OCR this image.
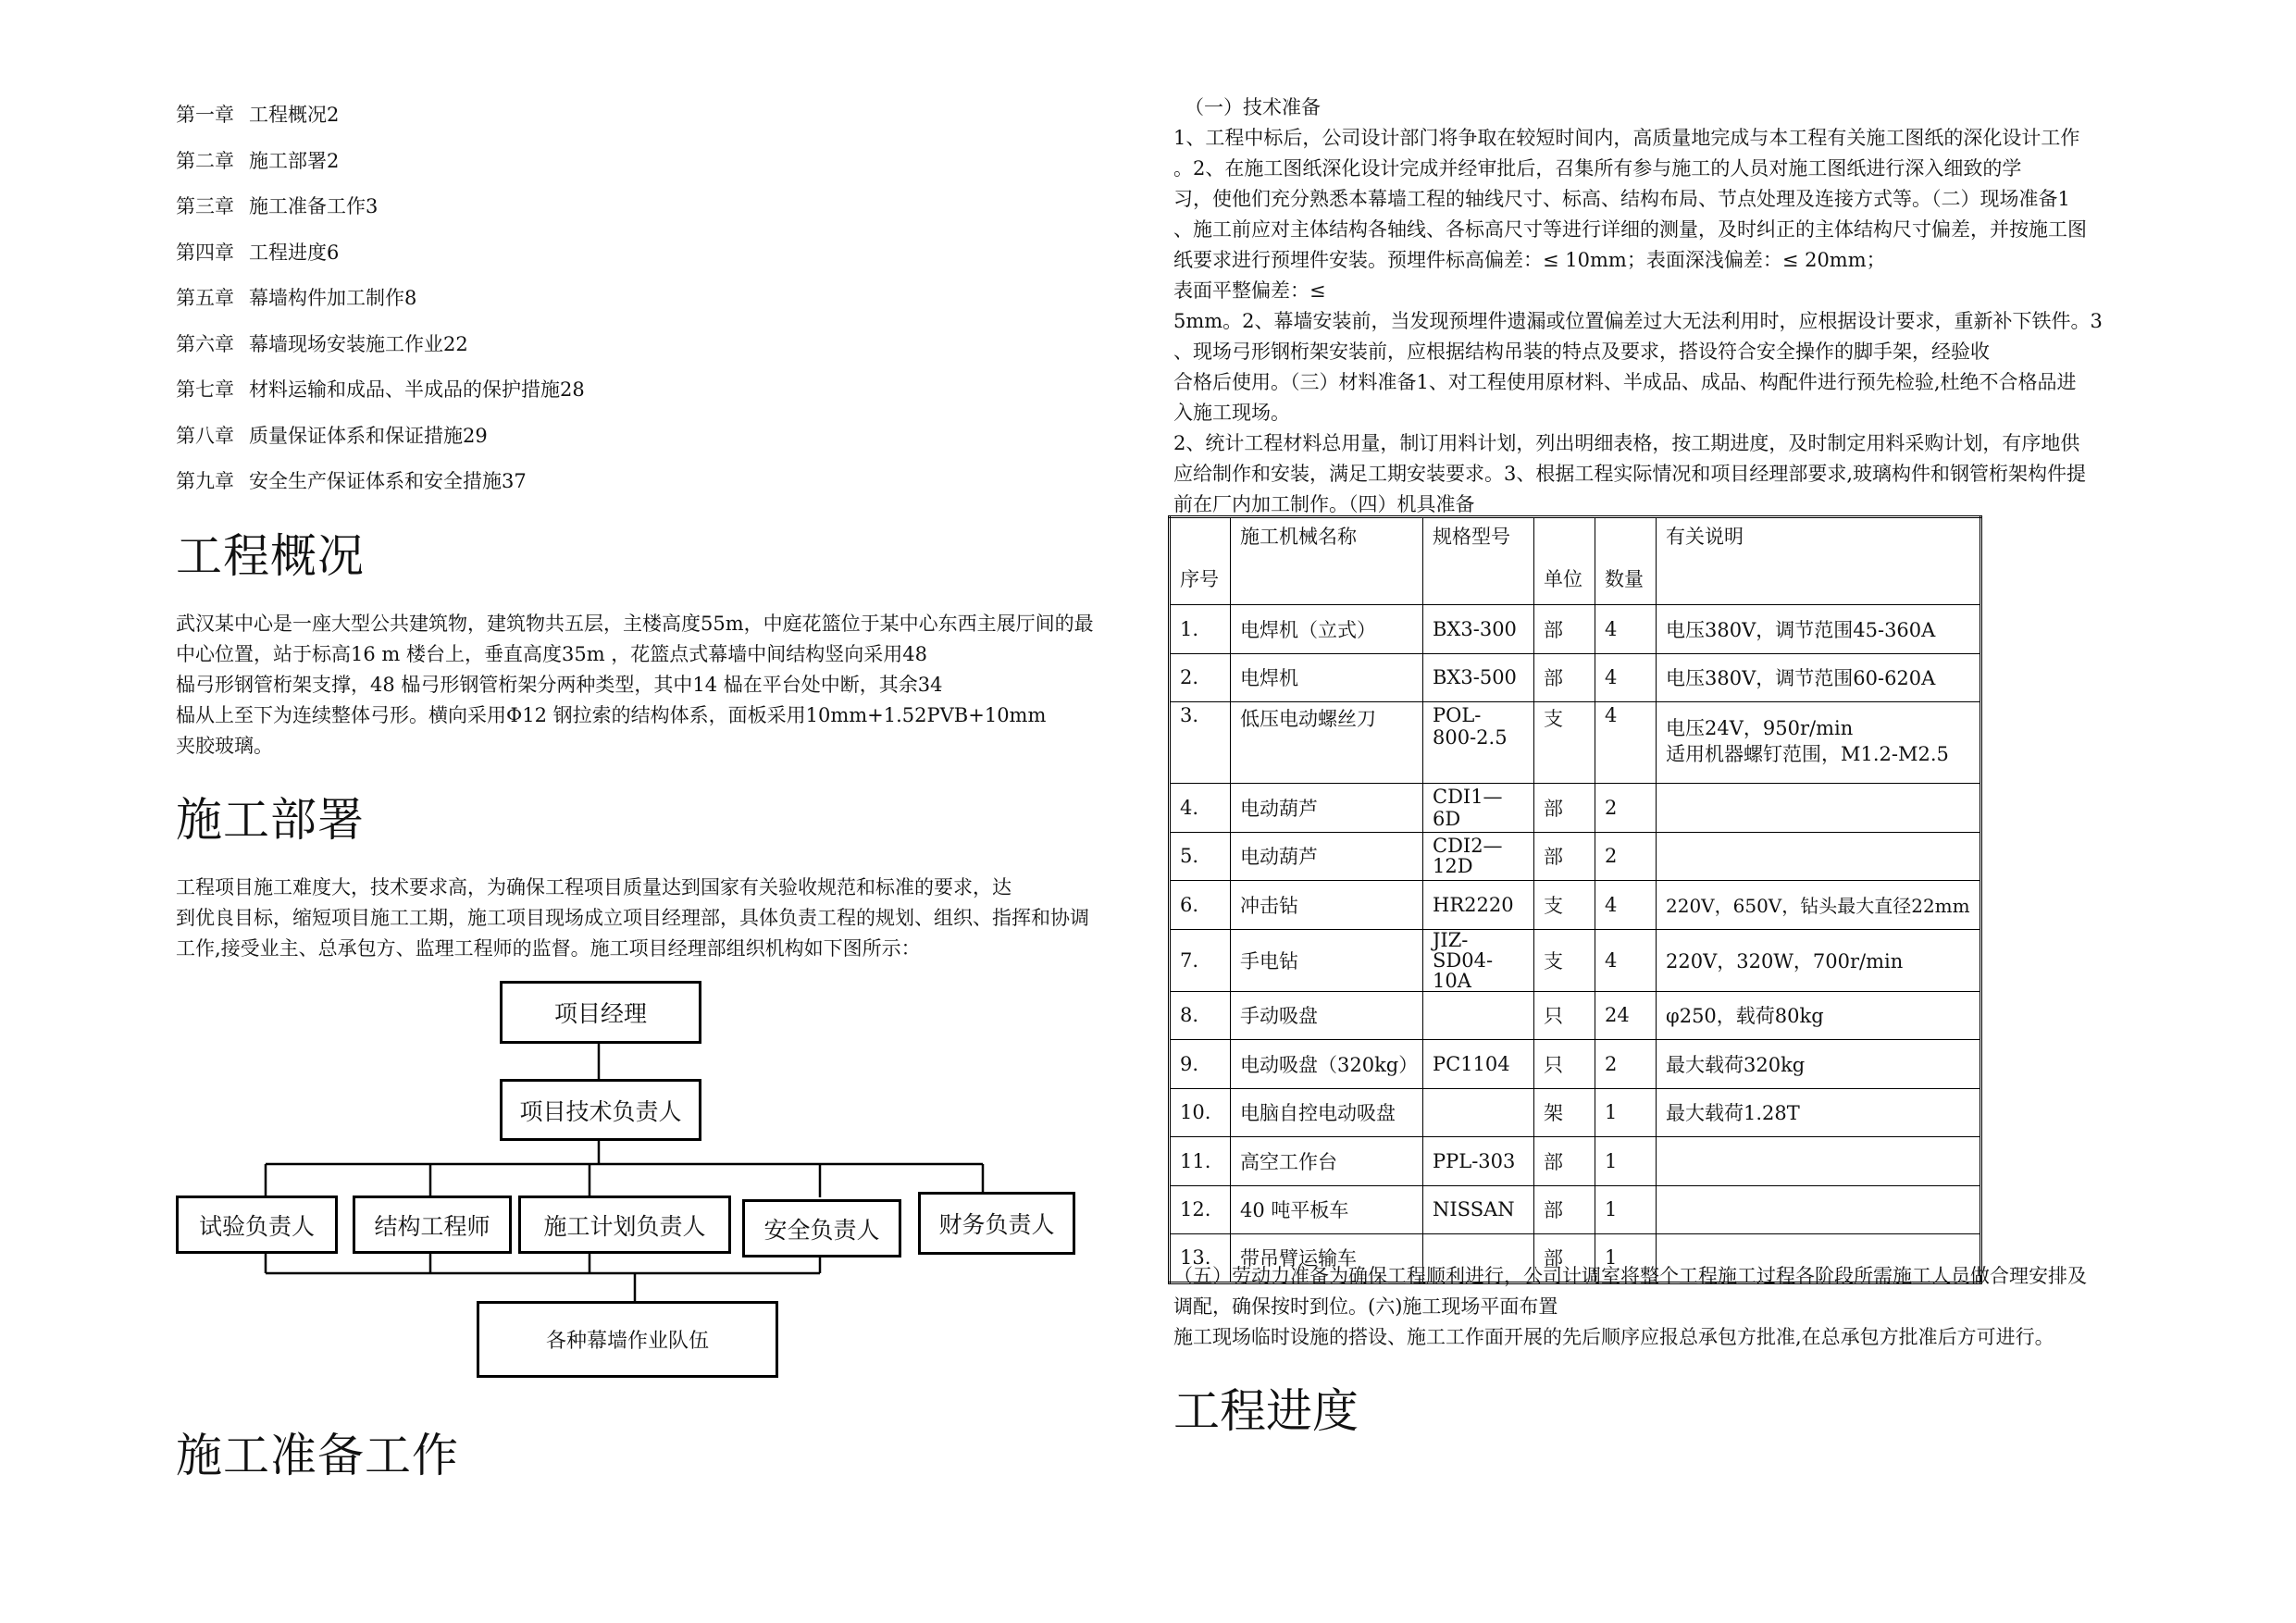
第一章 工程概况2
第二章 施工部署2
第三章 施工准备工作3
第四章 工程进度6
第五章 幕墙构件加工制作8
第六章 幕墙现场安装施工作业22
第七章 材料运输和成品、半成品的保护措施28
第八章 质量保证体系和保证措施29
第九章 安全生产保证体系和安全措施37
工程概况
武汉某中心是一座大型公共建筑物，建筑物共五层，主楼高度55m，中庭花篮位于某中心东西主展厅间的最
中心位置，站于标高16 m 楼台上，垂直高度35m ，花篮点式幕墙中间结构竖向采用48
榀弓形钢管桁架支撑，48 榀弓形钢管桁架分两种类型，其中14 榀在平台处中断，其余34
榀从上至下为连续整体弓形。横向采用Φ12 钢拉索的结构体系，面板采用10mm+1.52PVB+10mm
夹胶玻璃。
施工部署
工程项目施工难度大，技术要求高，为确保工程项目质量达到国家有关验收规范和标准的要求，达
到优良目标，缩短项目施工工期，施工项目现场成立项目经理部，具体负责工程的规划、组织、指挥和协调
工作,接受业主、总承包方、监理工程师的监督。施工项目经理部组织机构如下图所示：
项目经理
项目技术负责人
试验负责人	结构工程师	施工计划负责人	安全负责人	财务负责人
各种幕墙作业队伍
施工准备工作
（一）技术准备
1、工程中标后，公司设计部门将争取在较短时间内，高质量地完成与本工程有关施工图纸的深化设计工作
。2、在施工图纸深化设计完成并经审批后，召集所有参与施工的人员对施工图纸进行深入细致的学
习，使他们充分熟悉本幕墙工程的轴线尺寸、标高、结构布局、节点处理及连接方式等。（二）现场准备1
、施工前应对主体结构各轴线、各标高尺寸等进行详细的测量，及时纠正的主体结构尺寸偏差，并按施工图
纸要求进行预埋件安装。预埋件标高偏差：≤ 10mm；表面深浅偏差：≤ 20mm；
表面平整偏差：≤
5mm。2、幕墙安装前，当发现预埋件遗漏或位置偏差过大无法利用时，应根据设计要求，重新补下铁件。3
、现场弓形钢桁架安装前，应根据结构吊装的特点及要求，搭设符合安全操作的脚手架，经验收
合格后使用。（三）材料准备1、对工程使用原材料、半成品、成品、构配件进行预先检验,杜绝不合格品进
入施工现场。
2、统计工程材料总用量，制订用料计划，列出明细表格，按工期进度，及时制定用料采购计划，有序地供
应给制作和安装，满足工期安装要求。3、根据工程实际情况和项目经理部要求,玻璃构件和钢管桁架构件提
前在厂内加工制作。（四）机具准备
序号	施工机械名称	规格型号	单位	数量	有关说明
1.	电焊机（立式）	BX3-300	部	4	电压380V，调节范围45-360A
2.	电焊机	BX3-500	部	4	电压380V，调节范围60-620A
3.	低压电动螺丝刀	POL-800-2.5	支	4	电压24V，950r/min
适用机器螺钉范围，M1.2-M2.5

4.	电动葫芦	CDI1—6D	部	2	
5.	电动葫芦	CDI2—12D	部	2	
6.	冲击钻	HR2220	支	4	220V，650V，钻头最大直径22mm
7.	手电钻	JIZ-SD04-10A	支	4	220V，320W，700r/min
8.	手动吸盘		只	24	φ250，载荷80kg
9.	电动吸盘（320kg）	PC1104	只	2	最大载荷320kg
10.	电脑自控电动吸盘		架	1	最大载荷1.28T
11.	高空工作台	PPL-303	部	1	
12.	40 吨平板车	NISSAN	部	1	
13.	带吊臂运输车		部	1	
（五）劳动力准备为确保工程顺利进行，公司计调室将整个工程施工过程各阶段所需施工人员做合理安排及
调配，确保按时到位。(六)施工现场平面布置
施工现场临时设施的搭设、施工工作面开展的先后顺序应报总承包方批准,在总承包方批准后方可进行。
工程进度
